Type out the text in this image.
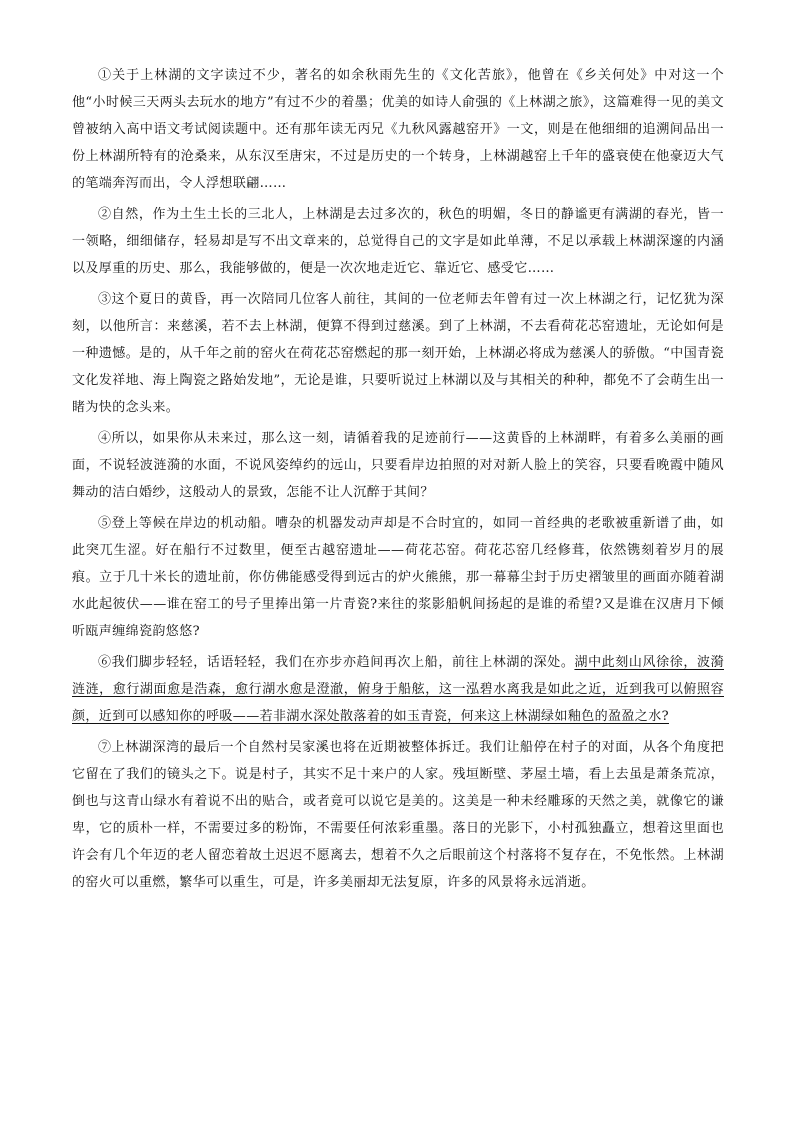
①关于上林湖的文字读过不少，著名的如余秋雨先生的《文化苦旅》，他曾在《乡关何处》中对这一个他“小时候三天两头去玩水的地方”有过不少的着墨；优美的如诗人俞强的《上林湖之旅》，这篇难得一见的美文曾被纳入高中语文考试阅读题中。还有那年读无丙兄《九秋风露越窑开》一文，则是在他细细的追溯间品出一份上林湖所特有的沧桑来，从东汉至唐宋，不过是历史的一个转身，上林湖越窑上千年的盛衰使在他豪迈大气的笔端奔泻而出，令人浮想联翩……

②自然，作为土生土长的三北人，上林湖是去过多次的，秋色的明媚，冬日的静谧更有满湖的春光，皆一一领略，细细储存，轻易却是写不出文章来的，总觉得自己的文字是如此单薄，不足以承载上林湖深邃的内涵以及厚重的历史、那么，我能够做的，便是一次次地走近它、靠近它、感受它……

③这个夏日的黄昏，再一次陪同几位客人前往，其间的一位老师去年曾有过一次上林湖之行，记忆犹为深刻，以他所言：来慈溪，若不去上林湖，便算不得到过慈溪。到了上林湖，不去看荷花芯窑遗址，无论如何是一种遗憾。是的，从千年之前的窑火在荷花芯窑燃起的那一刻开始，上林湖必将成为慈溪人的骄傲。“中国青瓷文化发祥地、海上陶瓷之路始发地”，无论是谁，只要听说过上林湖以及与其相关的种种，都免不了会萌生出一睹为快的念头来。

④所以，如果你从未来过，那么这一刻，请循着我的足迹前行——这黄昏的上林湖畔，有着多么美丽的画面，不说轻波涟漪的水面，不说风姿绰约的远山，只要看岸边拍照的对对新人脸上的笑容，只要看晚霞中随风舞动的洁白婚纱，这般动人的景致，怎能不让人沉醉于其间？

⑤登上等候在岸边的机动船。嘈杂的机器发动声却是不合时宜的，如同一首经典的老歌被重新谱了曲，如此突兀生涩。好在船行不过数里，便至古越窑遗址——荷花芯窑。荷花芯窑几经修葺，依然镌刻着岁月的展痕。立于几十米长的遗址前，你仿佛能感受得到远古的炉火熊熊，那一幕幕尘封于历史褶皱里的画面亦随着湖水此起彼伏——谁在窑工的号子里捧出第一片青瓷?来往的浆影船帆间扬起的是谁的希望?又是谁在汉唐月下倾听瓯声缠绵瓷韵悠悠?

⑥我们脚步轻轻，话语轻轻，我们在亦步亦趋间再次上船，前往上林湖的深处。湖中此刻山风徐徐，波漪涟涟，愈行湖面愈是浩森，愈行湖水愈是澄澈，俯身于船舷，这一泓碧水离我是如此之近，近到我可以俯照容颜，近到可以感知你的呼吸——若非湖水深处散落着的如玉青瓷，何来这上林湖绿如釉色的盈盈之水?

⑦上林湖深湾的最后一个自然村吴家溪也将在近期被整体拆迁。我们让船停在村子的对面，从各个角度把它留在了我们的镜头之下。说是村子，其实不足十来户的人家。残垣断壁、茅屋土墙，看上去虽是萧条荒凉，倒也与这青山绿水有着说不出的贴合，或者竟可以说它是美的。这美是一种未经雕琢的天然之美，就像它的谦卑，它的质朴一样，不需要过多的粉饰，不需要任何浓彩重墨。落日的光影下，小村孤独矗立，想着这里面也许会有几个年迈的老人留恋着故土迟迟不愿离去，想着不久之后眼前这个村落将不复存在，不免怅然。上林湖的窑火可以重燃，繁华可以重生，可是，许多美丽却无法复原，许多的风景将永远消逝。
